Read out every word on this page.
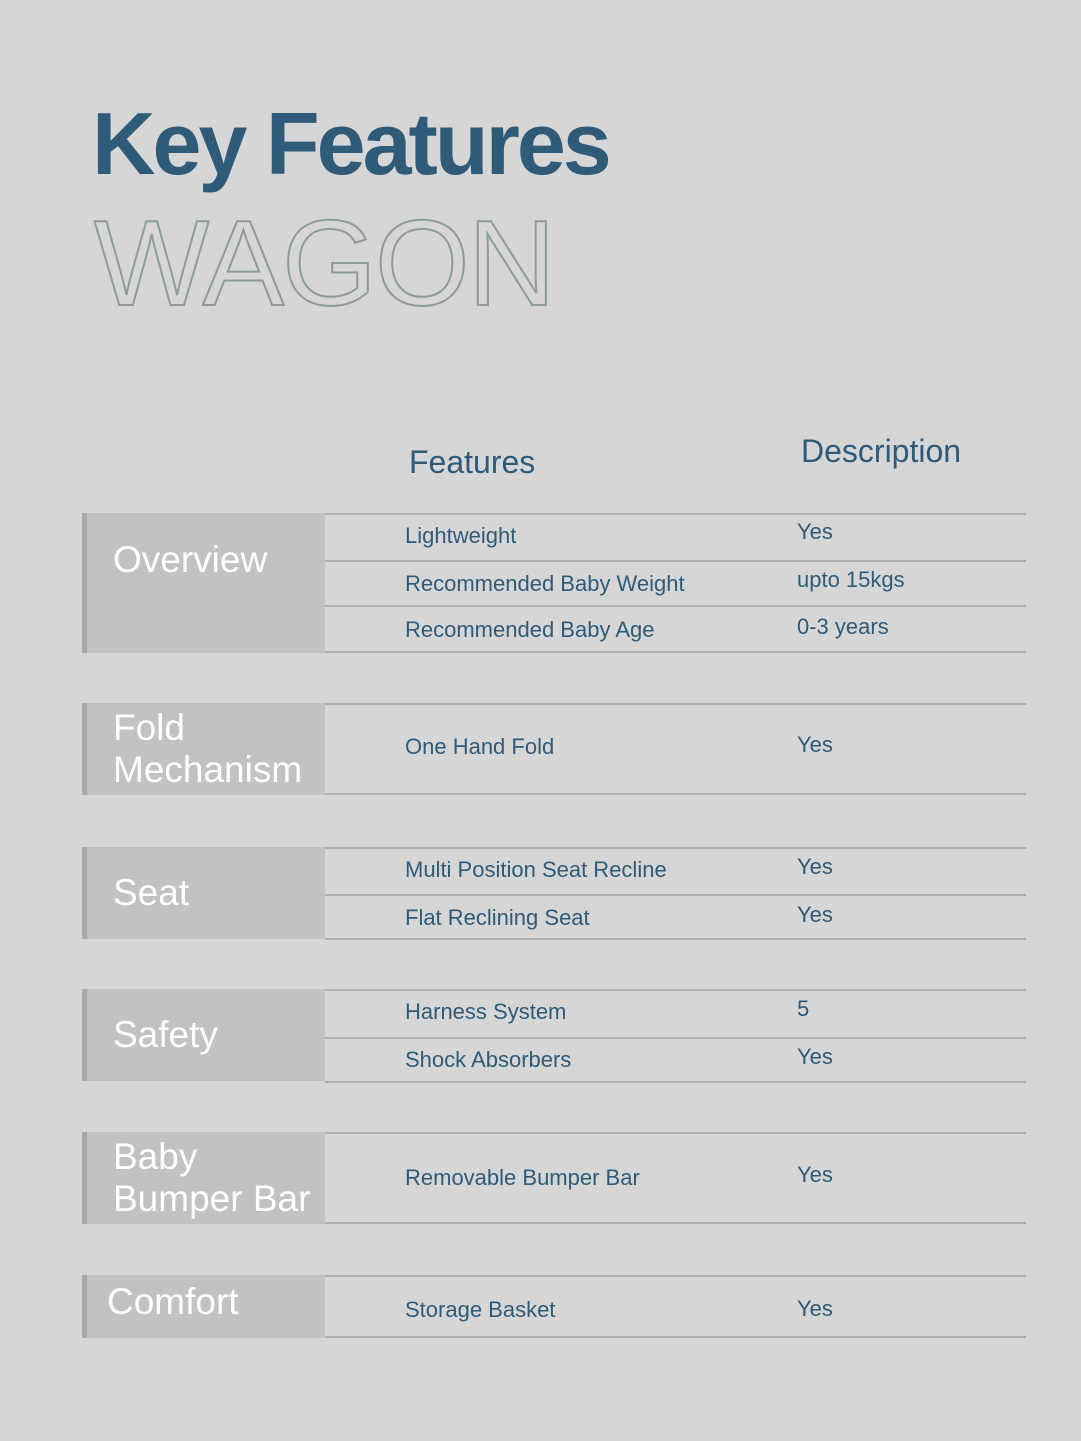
Key Features
WAGON
Features	Description
Overview
Lightweight	Yes
Recommended Baby Weight	upto 15kgs
Recommended Baby Age	0-3 years
Fold
Mechanism
One Hand Fold	Yes
Seat
Multi Position Seat Recline	Yes
Flat Reclining Seat	Yes
Safety
Harness System	5
Shock Absorbers	Yes
Baby
Bumper Bar
Removable Bumper Bar	Yes
Comfort	Storage Basket	Yes
